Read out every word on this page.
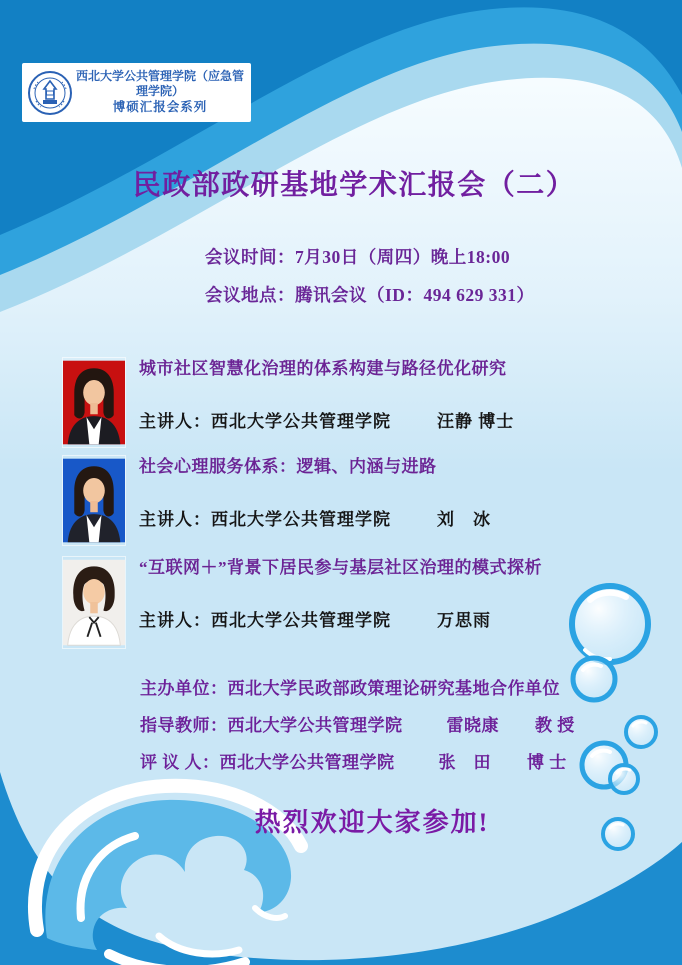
西北大学公共管理学院（应急管理学院）
博硕汇报会系列
民政部政研基地学术汇报会（二）
会议时间：7月30日（周四）晚上18:00
会议地点：腾讯会议（ID：494 629 331）
城市社区智慧化治理的体系构建与路径优化研究
主讲人：西北大学公共管理学院	汪静 博士
社会心理服务体系：逻辑、内涵与进路
主讲人：西北大学公共管理学院	刘　冰
“互联网＋”背景下居民参与基层社区治理的模式探析
主讲人：西北大学公共管理学院	万思雨
主办单位：西北大学民政部政策理论研究基地合作单位
指导教师：西北大学公共管理学院	雷晓康 教 授
评 议 人：西北大学公共管理学院	张　田 博 士
热烈欢迎大家参加!
